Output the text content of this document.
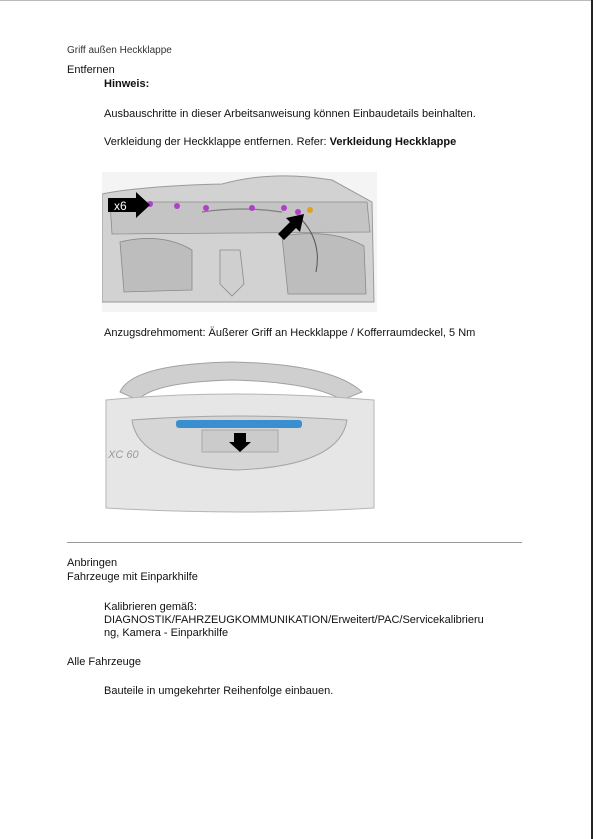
Griff außen Heckklappe
Entfernen
Hinweis:
Ausbauschritte in dieser Arbeitsanweisung können Einbaudetails beinhalten.
Verkleidung der Heckklappe entfernen. Refer: Verkleidung Heckklappe
x6
Anzugsdrehmoment: Äußerer Griff an Heckklappe / Kofferraumdeckel, 5 Nm
XC 60
Anbringen
Fahrzeuge mit Einparkhilfe
Kalibrieren gemäß:
DIAGNOSTIK/FAHRZEUGKOMMUNIKATION/Erweitert/PAC/Servicekalibrieru
ng, Kamera - Einparkhilfe
Alle Fahrzeuge
Bauteile in umgekehrter Reihenfolge einbauen.
